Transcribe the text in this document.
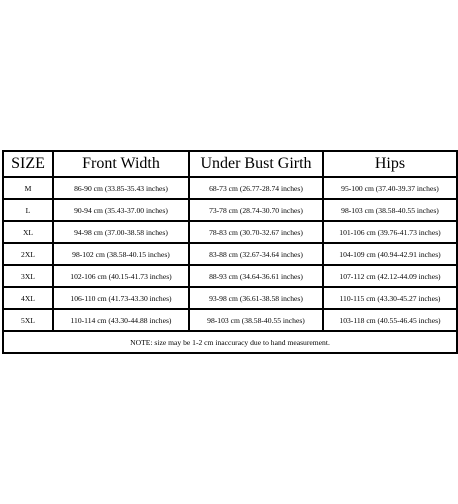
SIZE	Front Width	Under Bust Girth	Hips
M	86-90 cm (33.85-35.43 inches)	68-73 cm (26.77-28.74 inches)	95-100 cm (37.40-39.37 inches)
L	90-94 cm (35.43-37.00 inches)	73-78 cm (28.74-30.70 inches)	98-103 cm (38.58-40.55 inches)
XL	94-98 cm (37.00-38.58 inches)	78-83 cm (30.70-32.67 inches)	101-106 cm (39.76-41.73 inches)
2XL	98-102 cm (38.58-40.15 inches)	83-88 cm (32.67-34.64 inches)	104-109 cm (40.94-42.91 inches)
3XL	102-106 cm (40.15-41.73 inches)	88-93 cm (34.64-36.61 inches)	107-112 cm (42.12-44.09 inches)
4XL	106-110 cm (41.73-43.30 inches)	93-98 cm (36.61-38.58 inches)	110-115 cm (43.30-45.27 inches)
5XL	110-114 cm (43.30-44.88 inches)	98-103 cm (38.58-40.55 inches)	103-118 cm (40.55-46.45 inches)
NOTE: size may be 1-2 cm inaccuracy due to hand measurement.			
